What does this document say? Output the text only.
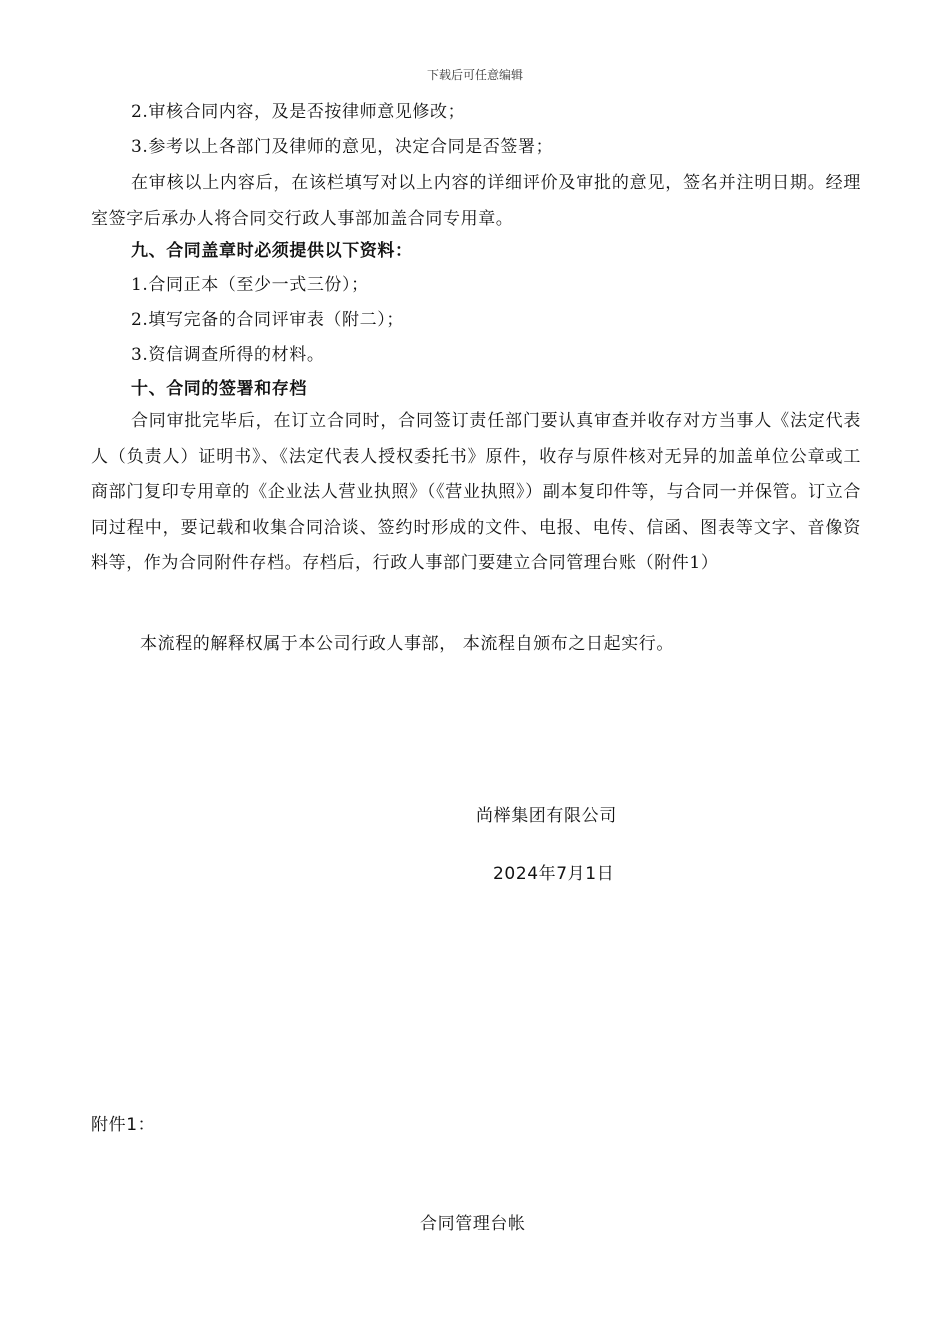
下载后可任意编辑
2.审核合同内容，及是否按律师意见修改；
3.参考以上各部门及律师的意见，决定合同是否签署；

在审核以上内容后，在该栏填写对以上内容的详细评价及审批的意见，签名并注明日期。经理室签字后承办人将合同交行政人事部加盖合同专用章。

九、合同盖章时必须提供以下资料：
1.合同正本（至少一式三份）；
2.填写完备的合同评审表（附二）；
3.资信调查所得的材料。
十、合同的签署和存档

合同审批完毕后，在订立合同时，合同签订责任部门要认真审查并收存对方当事人《法定代表人（负责人）证明书》、《法定代表人授权委托书》原件，收存与原件核对无异的加盖单位公章或工商部门复印专用章的《企业法人营业执照》（《营业执照》）副本复印件等，与合同一并保管。订立合同过程中，要记载和收集合同洽谈、签约时形成的文件、电报、电传、信函、图表等文字、音像资料等，作为合同附件存档。存档后，行政人事部门要建立合同管理台账（附件1）

本流程的解释权属于本公司行政人事部， 本流程自颁布之日起实行。
尚榉集团有限公司
2024年7月1日
附件1：
合同管理台帐
